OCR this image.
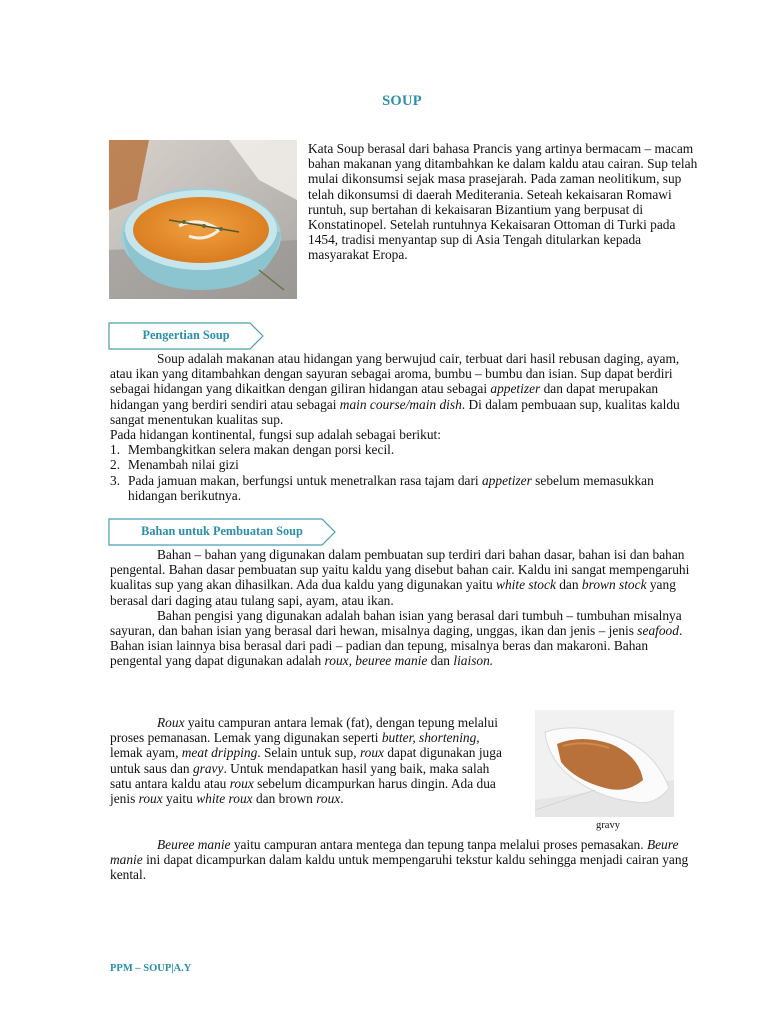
SOUP
Kata Soup berasal dari bahasa Prancis yang artinya bermacam – macam bahan makanan yang ditambahkan ke dalam kaldu atau cairan. Sup telah mulai dikonsumsi sejak masa prasejarah. Pada zaman neolitikum, sup telah dikonsumsi di daerah Mediterania. Seteah kekaisaran Romawi runtuh, sup bertahan di kekaisaran Bizantium yang berpusat di Konstatinopel. Setelah runtuhnya Kekaisaran Ottoman di Turki pada 1454, tradisi menyantap sup di Asia Tengah ditularkan kepada masyarakat Eropa.
Pengertian Soup

Soup adalah makanan atau hidangan yang berwujud cair, terbuat dari hasil rebusan daging, ayam, atau ikan yang ditambahkan dengan sayuran sebagai aroma, bumbu – bumbu dan isian. Sup dapat berdiri sebagai hidangan yang dikaitkan dengan giliran hidangan atau sebagai appetizer dan dapat merupakan hidangan yang berdiri sendiri atau sebagai main course/main dish. Di dalam pembuaan sup, kualitas kaldu sangat menentukan kualitas sup.

Pada hidangan kontinental, fungsi sup adalah sebagai berikut:

1. Membangkitkan selera makan dengan porsi kecil.
2. Menambah nilai gizi
3. Pada jamuan makan, berfungsi untuk menetralkan rasa tajam dari appetizer sebelum memasukkan hidangan berikutnya.
Bahan untuk Pembuatan Soup

Bahan – bahan yang digunakan dalam pembuatan sup terdiri dari bahan dasar, bahan isi dan bahan pengental. Bahan dasar pembuatan sup yaitu kaldu yang disebut bahan cair. Kaldu ini sangat mempengaruhi kualitas sup yang akan dihasilkan. Ada dua kaldu yang digunakan yaitu white stock dan brown stock yang berasal dari daging atau tulang sapi, ayam, atau ikan.

Bahan pengisi yang digunakan adalah bahan isian yang berasal dari tumbuh – tumbuhan misalnya sayuran, dan bahan isian yang berasal dari hewan, misalnya daging, unggas, ikan dan jenis – jenis seafood. Bahan isian lainnya bisa berasal dari padi – padian dan tepung, misalnya beras dan makaroni. Bahan pengental yang dapat digunakan adalah roux, beuree manie dan liaison.

Roux yaitu campuran antara lemak (fat), dengan tepung melalui proses pemanasan. Lemak yang digunakan seperti butter, shortening, lemak ayam, meat dripping. Selain untuk sup, roux dapat digunakan juga untuk saus dan gravy. Untuk mendapatkan hasil yang baik, maka salah satu antara kaldu atau roux sebelum dicampurkan harus dingin. Ada dua jenis roux yaitu white roux dan brown roux.

gravy

Beuree manie yaitu campuran antara mentega dan tepung tanpa melalui proses pemasakan. Beure manie ini dapat dicampurkan dalam kaldu untuk mempengaruhi tekstur kaldu sehingga menjadi cairan yang kental.

PPM – SOUP|A.Y
